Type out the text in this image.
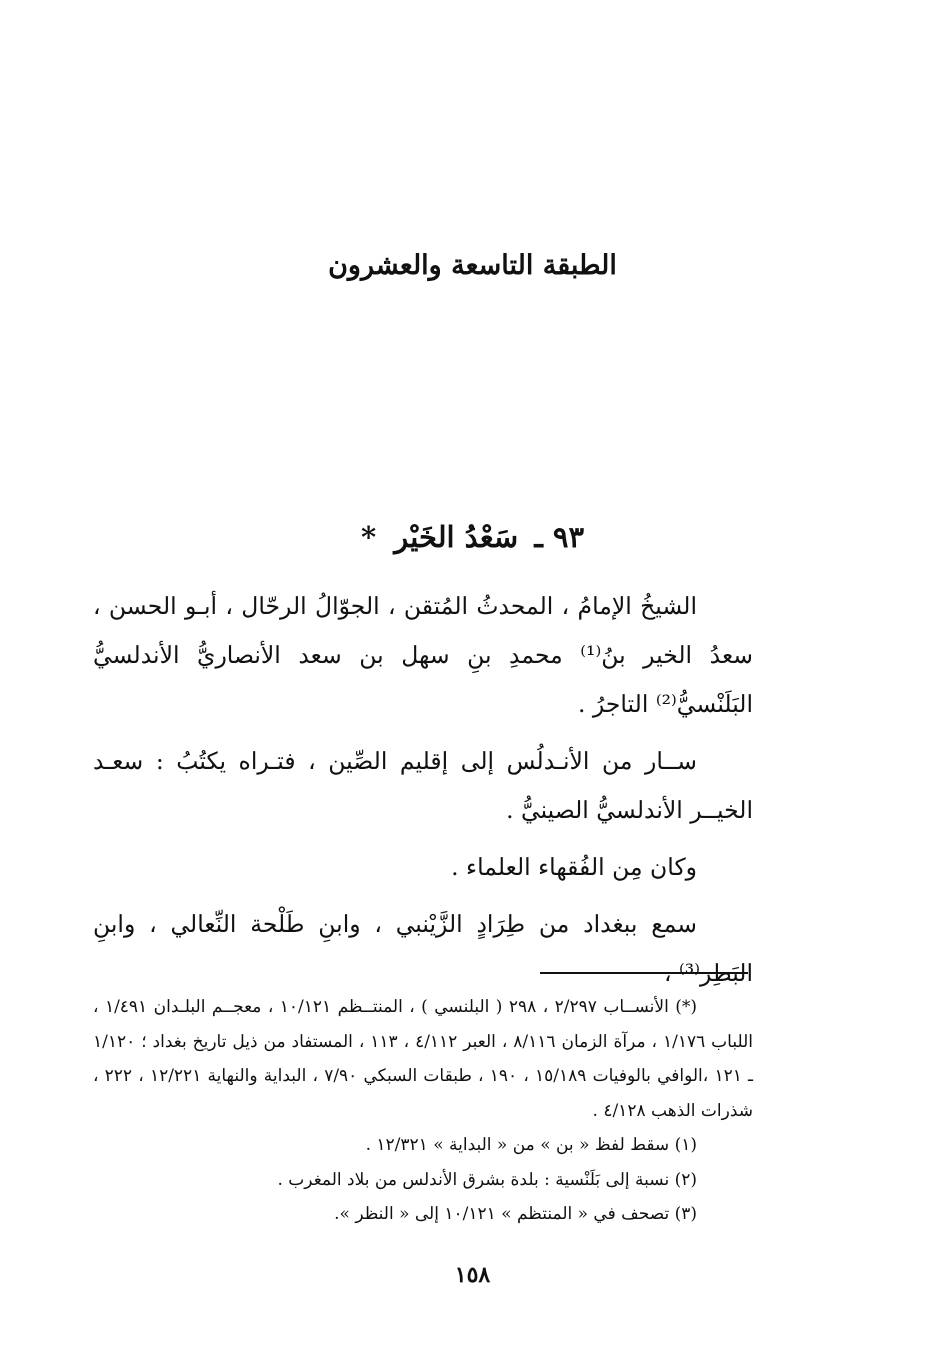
الطبقة التاسعة والعشرون
٩٣ ـ سَعْدُ الخَيْر *

الشيخُ الإمامُ ، المحدثُ المُتقن ، الجوّالُ الرحّال ، أبـو الحسن ، سعدُ الخير بنُ⁽¹⁾ محمدِ بنِ سهل بن سعد الأنصاريُّ الأندلسيُّ البَلَنْسيُّ⁽²⁾ التاجرُ .

ســار من الأنـدلُس إلى إقليم الصِّين ، فتـراه يكتُبُ : سعـد الخيــر الأندلسيُّ الصينيُّ .

وكان مِن الفُقهاء العلماء .

سمع ببغداد من طِرَادٍ الزَّيْنبي ، وابنِ طَلْحة النِّعالي ، وابنِ البَطِر⁽³⁾ ،

(*) الأنســاب ٢/٢٩٧ ، ٢٩٨ ( البلنسي ) ، المنتــظم ١٠/١٢١ ، معجــم البلـدان ١/٤٩١ ، اللباب ١/١٧٦ ، مرآة الزمان ٨/١١٦ ، العبر ٤/١١٢ ، ١١٣ ، المستفاد من ذيل تاريخ بغداد ؛ ١/١٢٠ ـ ١٢١ ،الوافي بالوفيات ١٥/١٨٩ ، ١٩٠ ، طبقات السبكي ٧/٩٠ ، البداية والنهاية ١٢/٢٢١ ، ٢٢٢ ، شذرات الذهب ٤/١٢٨ .

(١) سقط لفظ « بن » من « البداية » ١٢/٣٢١ .

(٢) نسبة إلى بَلَنْسية : بلدة بشرق الأندلس من بلاد المغرب .

(٣) تصحف في « المنتظم » ١٠/١٢١ إلى « النظر ».

١٥٨
